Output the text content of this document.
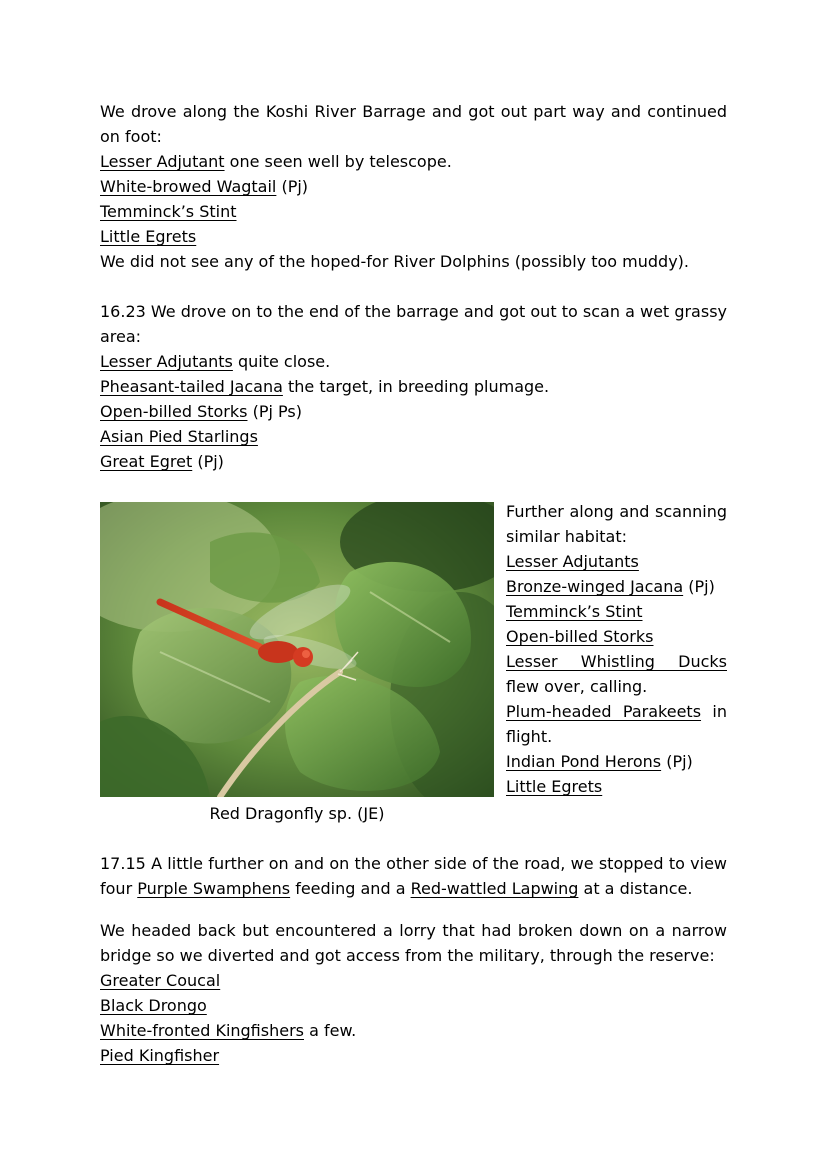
We drove along the Koshi River Barrage and got out part way and continued on foot:

Lesser Adjutant one seen well by telescope.

White-browed Wagtail (Pj)

Temminck’s Stint

Little Egrets

We did not see any of the hoped-for River Dolphins (possibly too muddy).

16.23 We drove on to the end of the barrage and got out to scan a wet grassy area:

Lesser Adjutants quite close.

Pheasant-tailed Jacana the target, in breeding plumage.

Open-billed Storks (Pj Ps)

Asian Pied Starlings

Great Egret (Pj)

Red Dragonfly sp. (JE)

Further along and scanning similar habitat:

Lesser Adjutants

Bronze-winged Jacana (Pj)

Temminck’s Stint

Open-billed Storks

Lesser Whistling Ducks flew over, calling.

Plum-headed Parakeets in flight.

Indian Pond Herons (Pj)

Little Egrets

17.15 A little further on and on the other side of the road, we stopped to view four Purple Swamphens feeding and a Red-wattled Lapwing at a distance.

We headed back but encountered a lorry that had broken down on a narrow bridge so we diverted and got access from the military, through the reserve:

Greater Coucal

Black Drongo

White-fronted Kingfishers a few.

Pied Kingfisher
